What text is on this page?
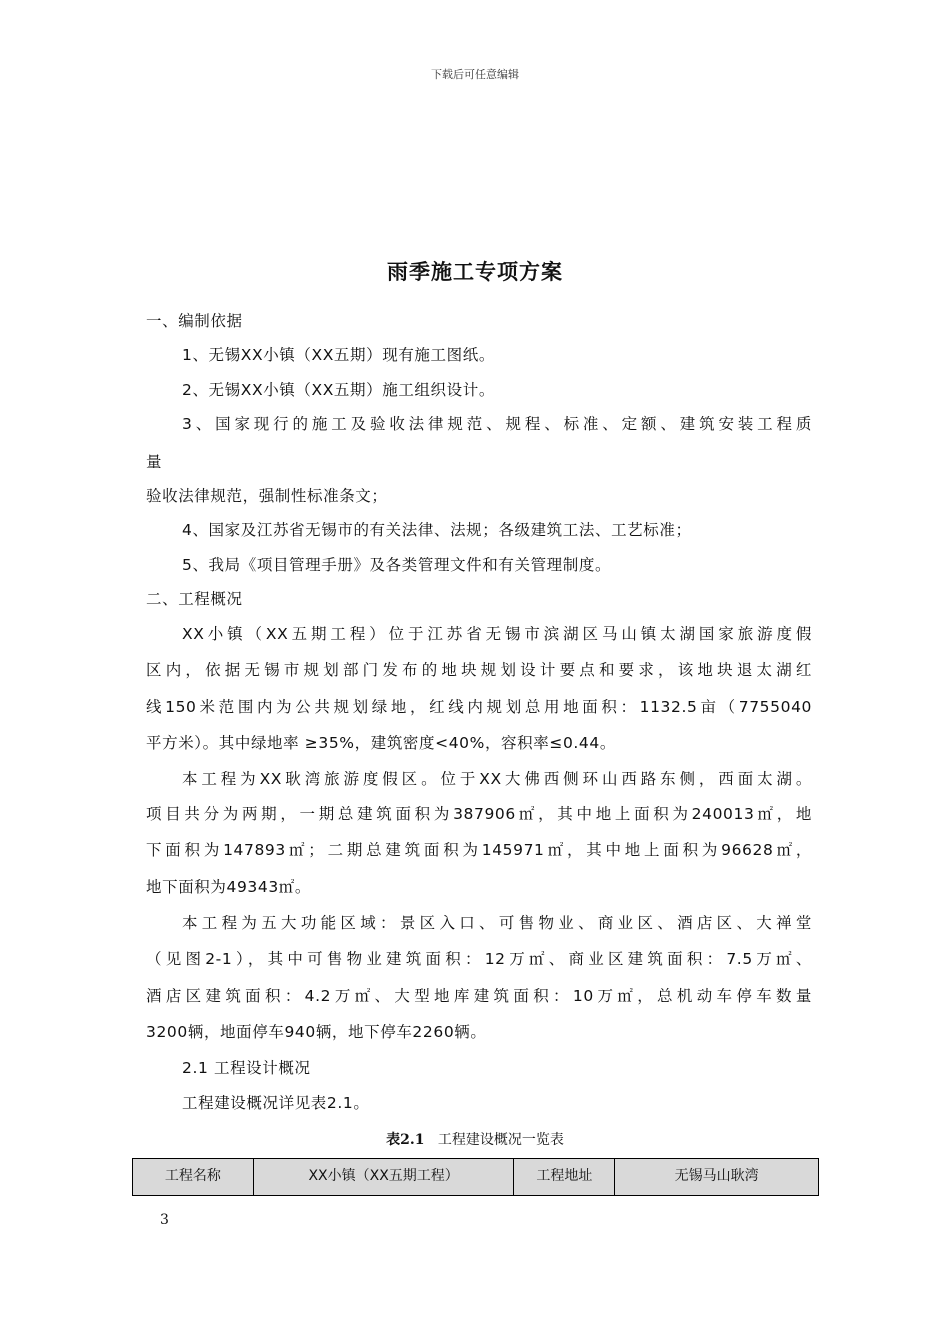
下载后可任意编辑
雨季施工专项方案
一、编制依据
1、无锡XX小镇（XX五期）现有施工图纸。
2、无锡XX小镇（XX五期）施工组织设计。
3、国家现行的施工及验收法律规范、规程、标准、定额、建筑安装工程质
量
验收法律规范，强制性标准条文；
4、国家及江苏省无锡市的有关法律、法规；各级建筑工法、工艺标准；
5、我局《项目管理手册》及各类管理文件和有关管理制度。
二、工程概况
XX小镇（XX五期工程）位于江苏省无锡市滨湖区马山镇太湖国家旅游度假
区内，依据无锡市规划部门发布的地块规划设计要点和要求，该地块退太湖红
线150米范围内为公共规划绿地，红线内规划总用地面积：1132.5亩（7755040
平方米）。其中绿地率 ≥35%，建筑密度<40%，容积率≤0.44。
本工程为XX耿湾旅游度假区。位于XX大佛西侧环山西路东侧，西面太湖。
项目共分为两期，一期总建筑面积为387906㎡，其中地上面积为240013㎡，地
下面积为147893㎡；二期总建筑面积为145971㎡，其中地上面积为96628㎡，
地下面积为49343㎡。
本工程为五大功能区域：景区入口、可售物业、商业区、酒店区、大禅堂
（见图2-1），其中可售物业建筑面积：12万㎡、商业区建筑面积：7.5万㎡、
酒店区建筑面积：4.2万㎡、大型地库建筑面积：10万㎡，总机动车停车数量
3200辆，地面停车940辆，地下停车2260辆。
2.1 工程设计概况
工程建设概况详见表2.1。
表2.1 工程建设概况一览表
工程名称	XX小镇（XX五期工程）	工程地址	无锡马山耿湾
3
